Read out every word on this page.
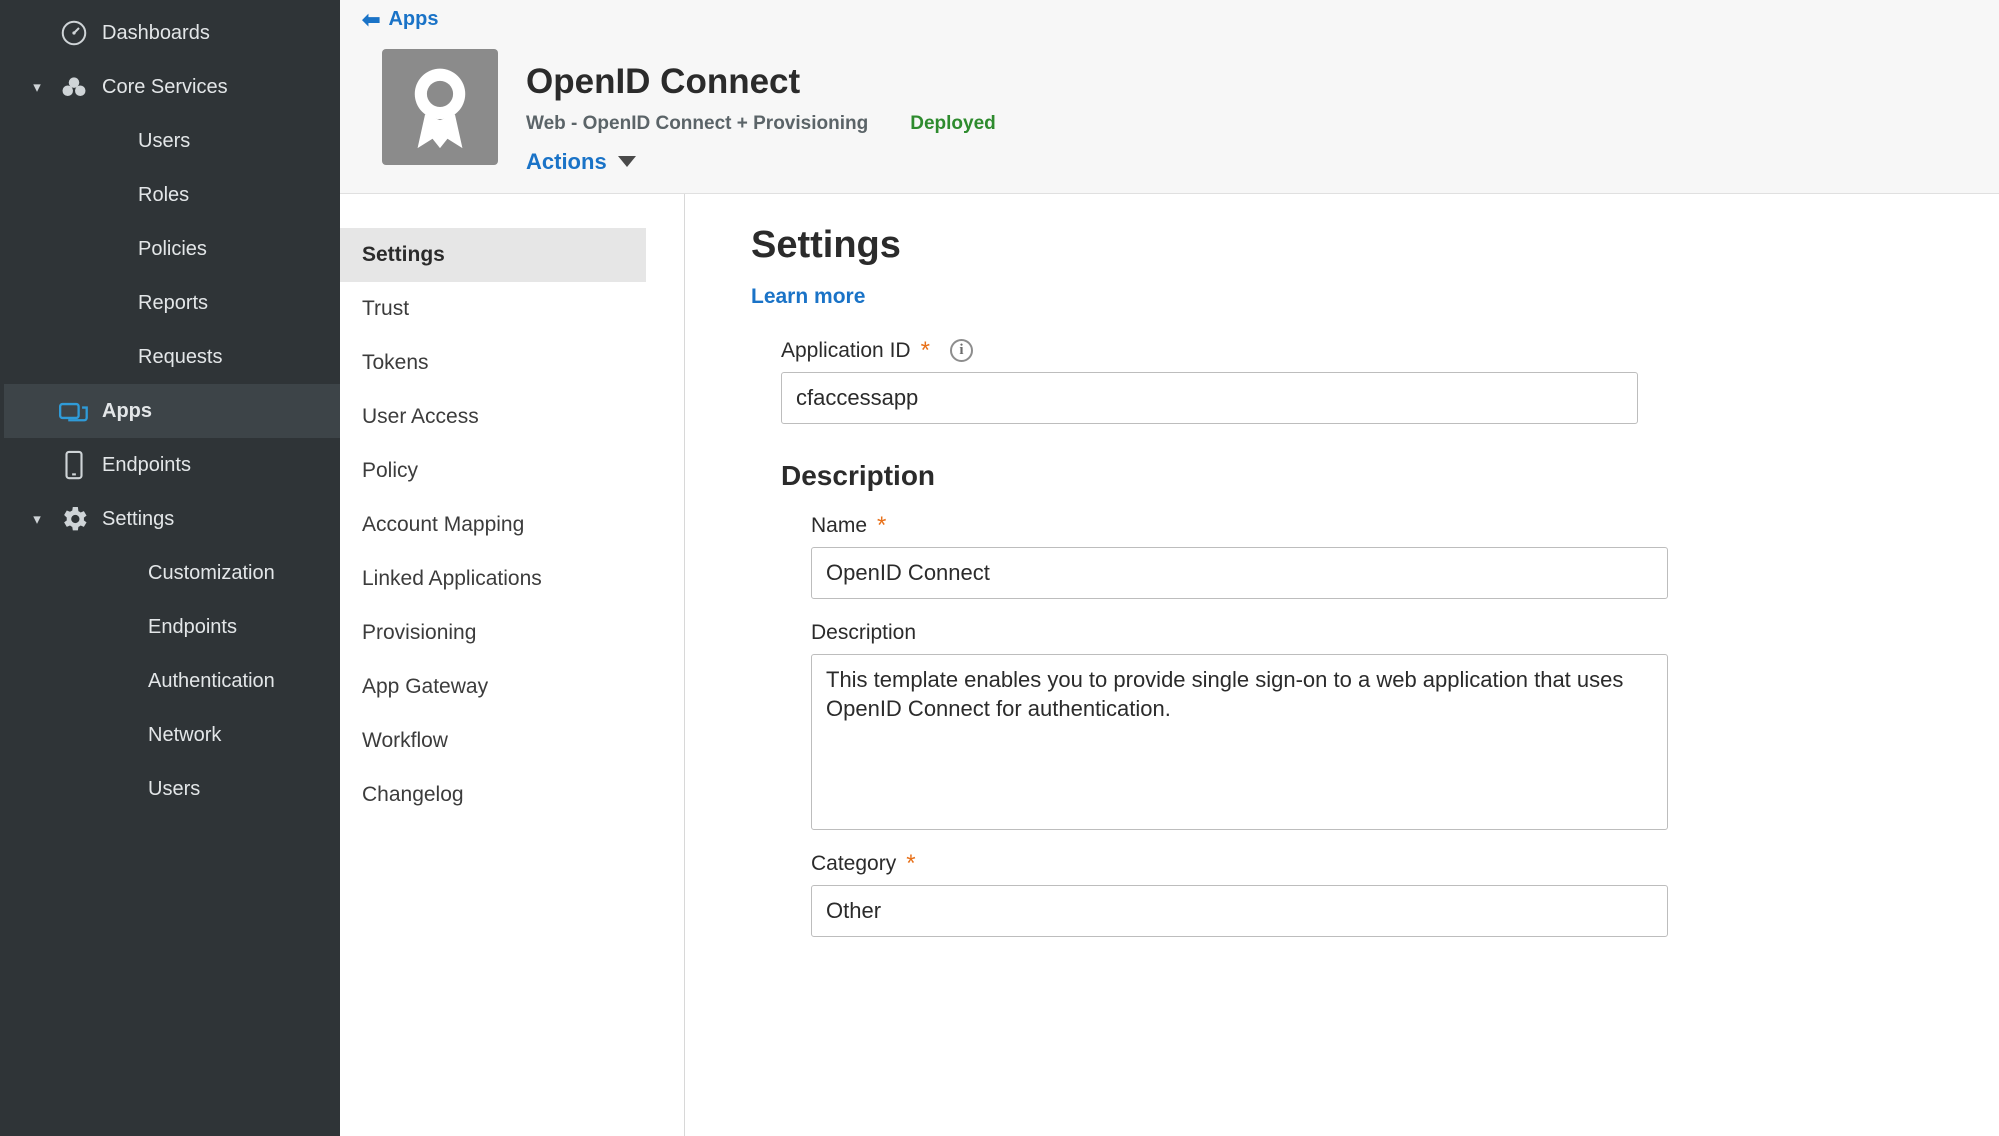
Dashboards
▾	Core Services
Users
Roles
Policies
Reports
Requests
Apps
Endpoints
▾	Settings
Customization
Endpoints
Authentication
Network
Users
⬅ Apps
OpenID Connect
Web - OpenID Connect + Provisioning Deployed
Actions
Settings
Trust
Tokens
User Access
Policy
Account Mapping
Linked Applications
Provisioning
App Gateway
Workflow
Changelog
Settings
Learn more
Application ID *	i
cfaccessapp
Description
Name *
OpenID Connect
Description
This template enables you to provide single sign-on to a web application that uses OpenID Connect for authentication.
Category *
Other
